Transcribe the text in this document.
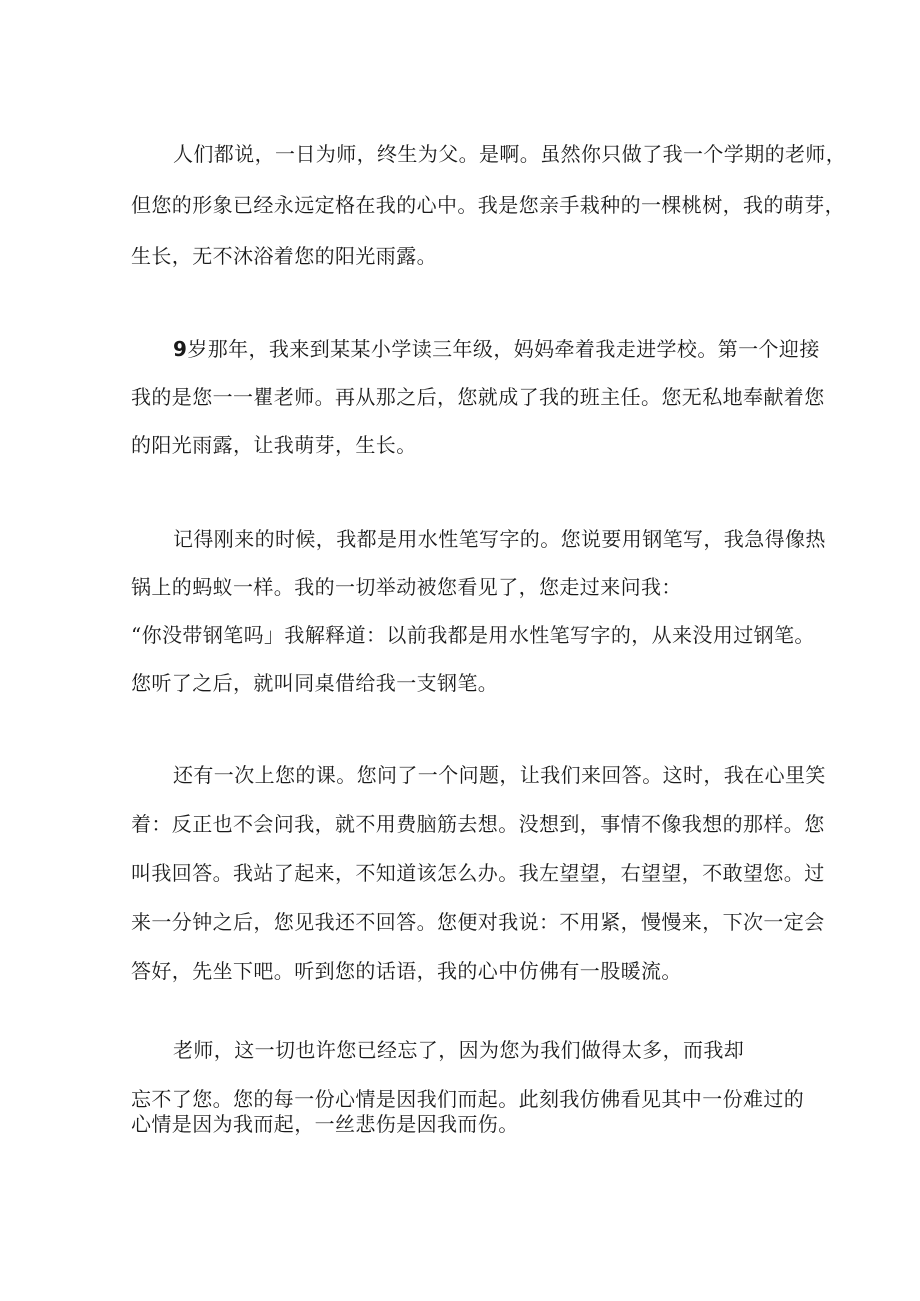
人们都说，一日为师，终生为父。是啊。虽然你只做了我一个学期的老师，
但您的形象已经永远定格在我的心中。我是您亲手栽种的一棵桃树，我的萌芽，
生长，无不沐浴着您的阳光雨露。
9岁那年，我来到某某小学读三年级，妈妈牵着我走进学校。第一个迎接
我的是您一一瞿老师。再从那之后，您就成了我的班主任。您无私地奉献着您
的阳光雨露，让我萌芽，生长。
记得刚来的时候，我都是用水性笔写字的。您说要用钢笔写，我急得像热
锅上的蚂蚁一样。我的一切举动被您看见了，您走过来问我：
“你没带钢笔吗」我解释道：以前我都是用水性笔写字的，从来没用过钢笔。
您听了之后，就叫同桌借给我一支钢笔。
还有一次上您的课。您问了一个问题，让我们来回答。这时，我在心里笑
着：反正也不会问我，就不用费脑筋去想。没想到，事情不像我想的那样。您
叫我回答。我站了起来，不知道该怎么办。我左望望，右望望，不敢望您。过
来一分钟之后，您见我还不回答。您便对我说：不用紧，慢慢来，下次一定会
答好，先坐下吧。听到您的话语，我的心中仿佛有一股暖流。
老师，这一切也许您已经忘了，因为您为我们做得太多，而我却
忘不了您。您的每一份心情是因我们而起。此刻我仿佛看见其中一份难过的
心情是因为我而起，一丝悲伤是因我而伤。
